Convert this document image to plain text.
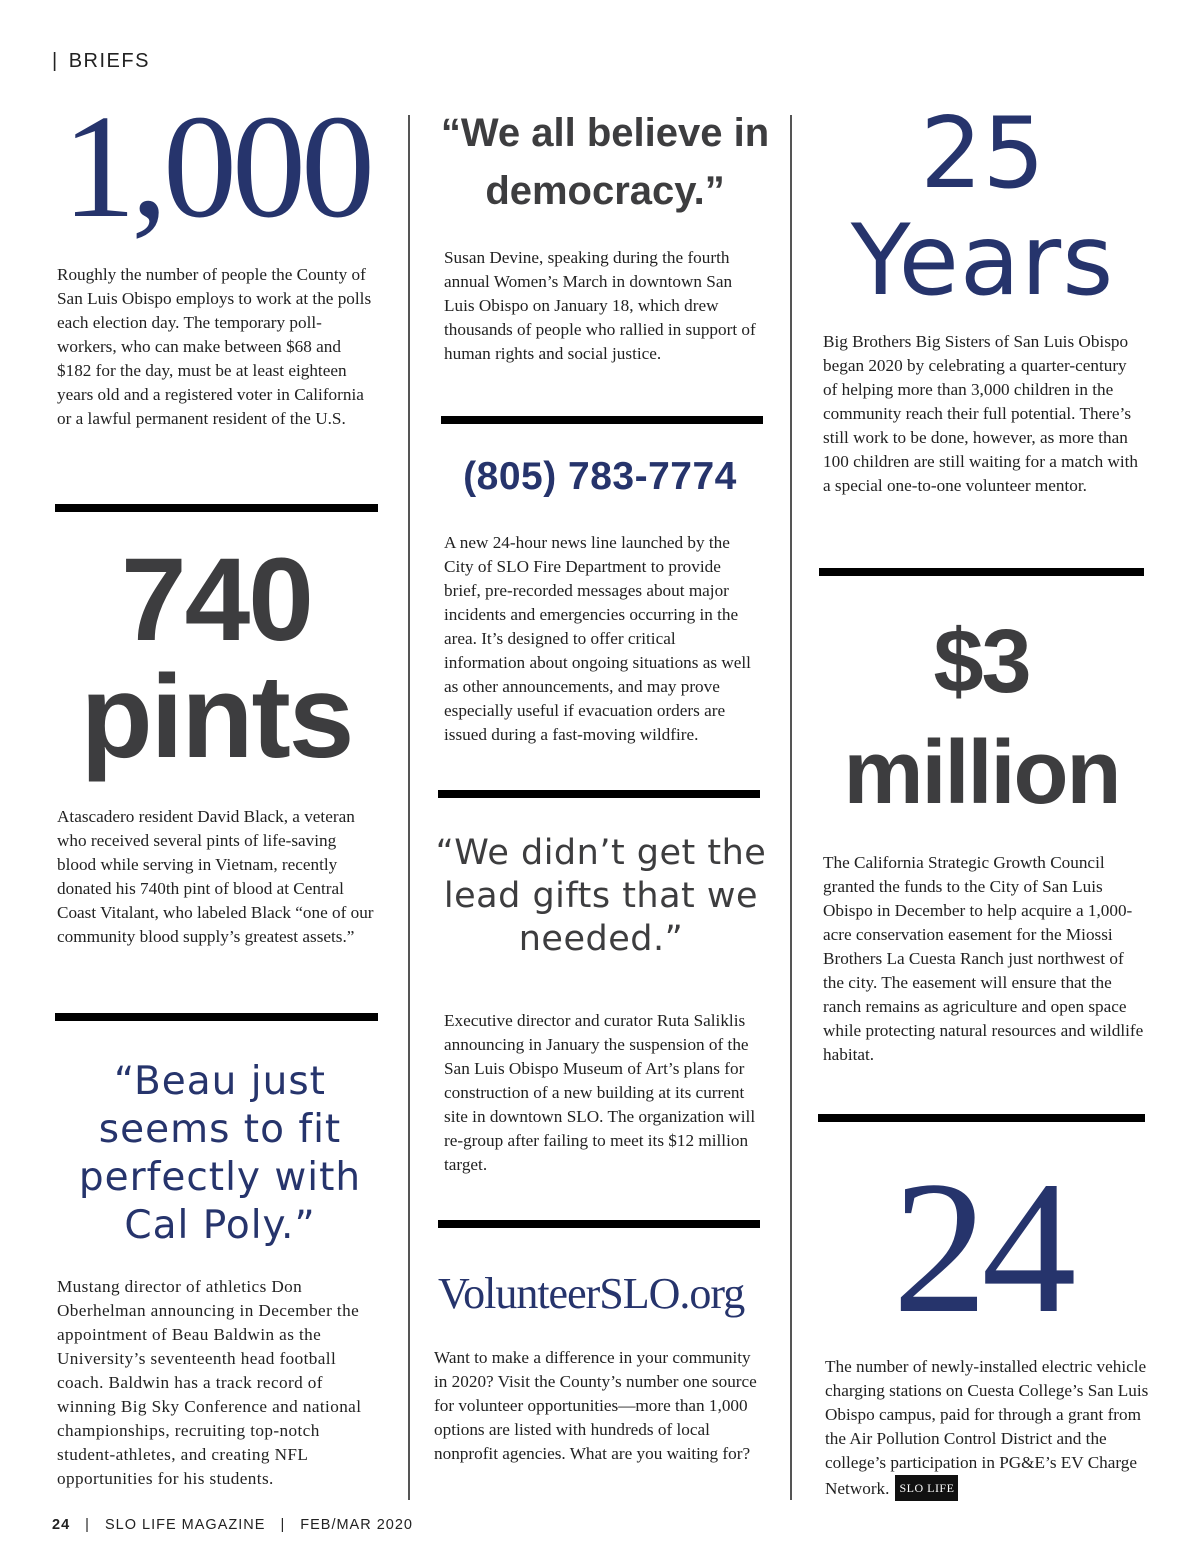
| BRIEFS
1,000
Roughly the number of people the County of San Luis Obispo employs to work at the polls each election day. The temporary poll-workers, who can make between $68 and $182 for the day, must be at least eighteen years old and a registered voter in California or a lawful permanent resident of the U.S.
740
pints
Atascadero resident David Black, a veteran who received several pints of life-saving blood while serving in Vietnam, recently donated his 740th pint of blood at Central Coast Vitalant, who labeled Black “one of our community blood supply’s greatest assets.”
“Beau just seems to fit perfectly with Cal Poly.”
Mustang director of athletics Don Oberhelman announcing in December the appointment of Beau Baldwin as the University’s seventeenth head football coach. Baldwin has a track record of winning Big Sky Conference and national championships, recruiting top-notch student-athletes, and creating NFL opportunities for his students.
“We all believe in democracy.”
Susan Devine, speaking during the fourth annual Women’s March in downtown San Luis Obispo on January 18, which drew thousands of people who rallied in support of human rights and social justice.
(805) 783-7774
A new 24-hour news line launched by the City of SLO Fire Department to provide brief, pre-recorded messages about major incidents and emergencies occurring in the area. It’s designed to offer critical information about ongoing situations as well as other announcements, and may prove especially useful if evacuation orders are issued during a fast-moving wildfire.
“We didn’t get the lead gifts that we needed.”
Executive director and curator Ruta Saliklis announcing in January the suspension of the San Luis Obispo Museum of Art’s plans for construction of a new building at its current site in downtown SLO. The organization will re-group after failing to meet its $12 million target.
VolunteerSLO.org
Want to make a difference in your community in 2020? Visit the County’s number one source for volunteer opportunities—more than 1,000 options are listed with hundreds of local nonprofit agencies. What are you waiting for?
25
Years
Big Brothers Big Sisters of San Luis Obispo began 2020 by celebrating a quarter-century of helping more than 3,000 children in the community reach their full potential. There’s still work to be done, however, as more than 100 children are still waiting for a match with a special one-to-one volunteer mentor.
$3
million
The California Strategic Growth Council granted the funds to the City of San Luis Obispo in December to help acquire a 1,000-acre conservation easement for the Miossi Brothers La Cuesta Ranch just northwest of the city. The easement will ensure that the ranch remains as agriculture and open space while protecting natural resources and wildlife habitat.
24
The number of newly-installed electric vehicle charging stations on Cuesta College’s San Luis Obispo campus, paid for through a grant from the Air Pollution Control District and the college’s participation in PG&E’s EV Charge Network. SLO LIFE
24 | SLO LIFE MAGAZINE | FEB/MAR 2020
